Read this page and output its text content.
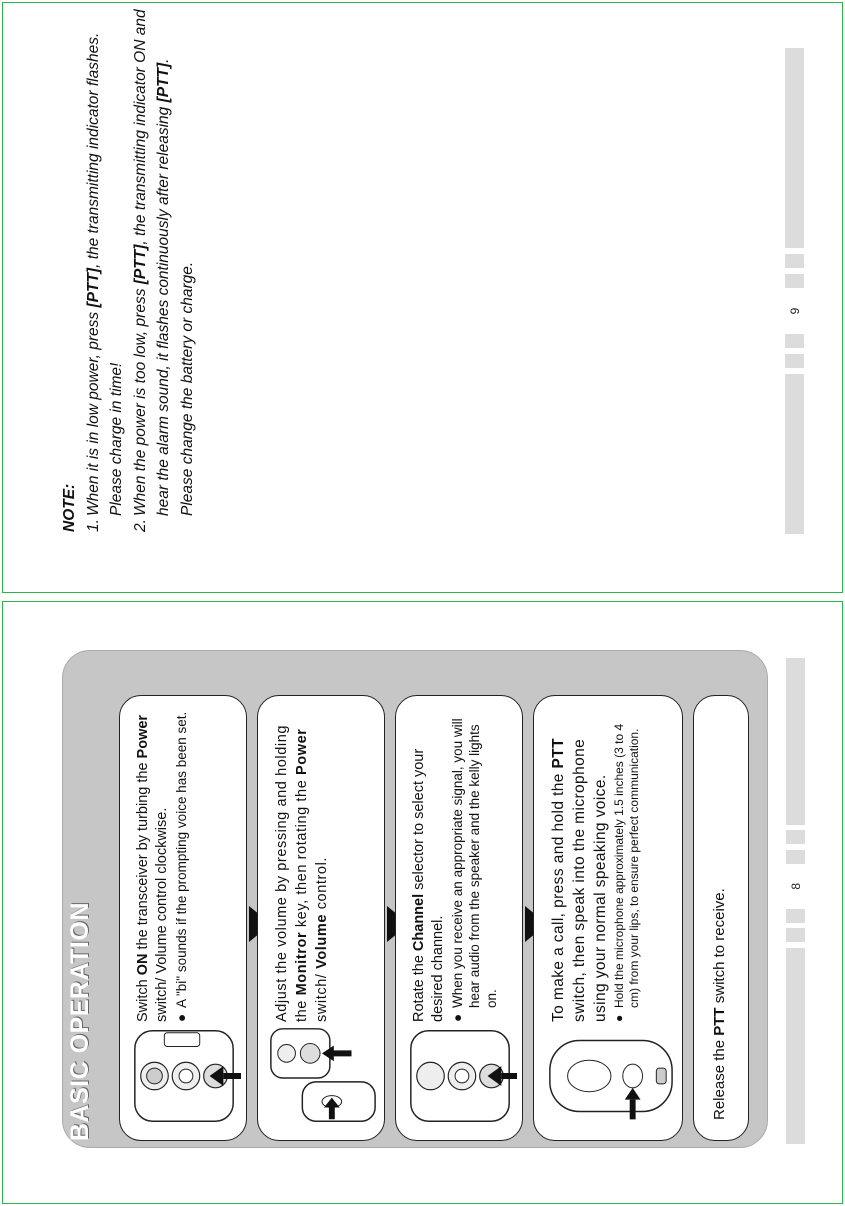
NOTE: 1.
When it is in low power, press [PTT], the transmitting indicator flashes.
Please charge in time!
2.
When the power is too low, press [PTT], the transmitting indicator ON and hear the alarm sound, it flashes continuously after releasing [PTT].
Please change the battery or charge.	9
BASIC OPERATION	Switch ON the transceiver by turbing the Power switch/ Volume control clockwise. ●
A "bi" sounds if the prompting voice has been set.	Adjust the volume by pressing and holding the Monitror key, then rotating the Power switch/ Volume control.
Rotate the Channel selector to select your desired channel. ●
When you receive an appropriate signal, you will hear audio from the speaker and the kelly lights on.	To make a call, press and hold the PTT switch, then speak into the microphone using your normal speaking voice. ●
Hold the microphone approximately 1.5 inches (3 to 4 cm) from your lips, to ensure perfect communication.
Release the PTT switch to receive.
8
